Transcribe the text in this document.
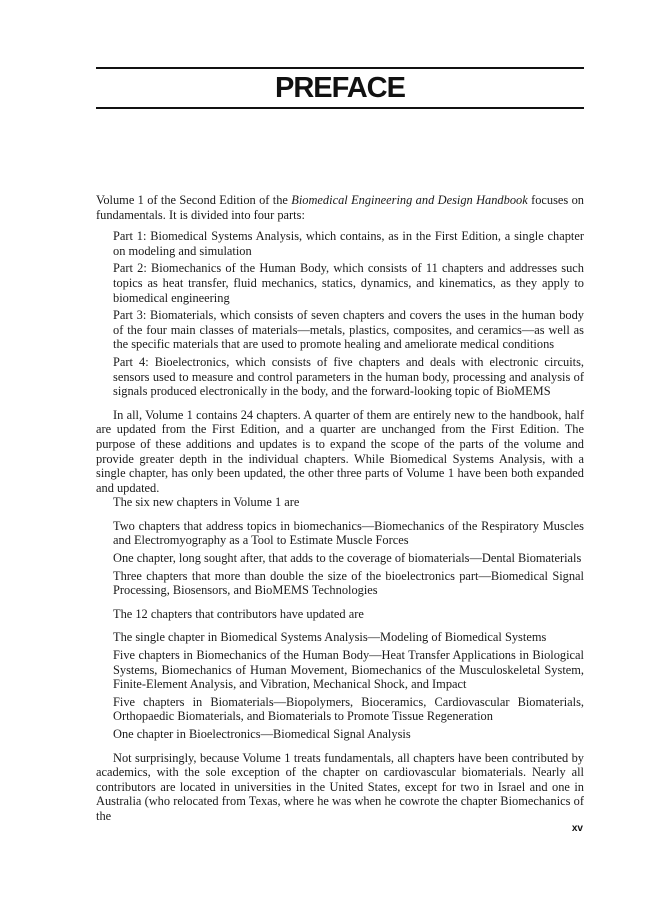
PREFACE

Volume 1 of the Second Edition of the Biomedical Engineering and Design Handbook focuses on fundamentals. It is divided into four parts:

Part 1: Biomedical Systems Analysis, which contains, as in the First Edition, a single chapter on modeling and simulation

Part 2: Biomechanics of the Human Body, which consists of 11 chapters and addresses such topics as heat transfer, fluid mechanics, statics, dynamics, and kinematics, as they apply to biomedical engineering

Part 3: Biomaterials, which consists of seven chapters and covers the uses in the human body of the four main classes of materials—metals, plastics, composites, and ceramics—as well as the specific materials that are used to promote healing and ameliorate medical conditions

Part 4: Bioelectronics, which consists of five chapters and deals with electronic circuits, sensors used to measure and control parameters in the human body, processing and analysis of signals produced electronically in the body, and the forward-looking topic of BioMEMS

In all, Volume 1 contains 24 chapters. A quarter of them are entirely new to the handbook, half are updated from the First Edition, and a quarter are unchanged from the First Edition. The purpose of these additions and updates is to expand the scope of the parts of the volume and provide greater depth in the individual chapters. While Biomedical Systems Analysis, with a single chapter, has only been updated, the other three parts of Volume 1 have been both expanded and updated.

The six new chapters in Volume 1 are

Two chapters that address topics in biomechanics—Biomechanics of the Respiratory Muscles and Electromyography as a Tool to Estimate Muscle Forces

One chapter, long sought after, that adds to the coverage of biomaterials—Dental Biomaterials

Three chapters that more than double the size of the bioelectronics part—Biomedical Signal Processing, Biosensors, and BioMEMS Technologies

The 12 chapters that contributors have updated are

The single chapter in Biomedical Systems Analysis—Modeling of Biomedical Systems

Five chapters in Biomechanics of the Human Body—Heat Transfer Applications in Biological Systems, Biomechanics of Human Movement, Biomechanics of the Musculoskeletal System, Finite-Element Analysis, and Vibration, Mechanical Shock, and Impact

Five chapters in Biomaterials—Biopolymers, Bioceramics, Cardiovascular Biomaterials, Orthopaedic Biomaterials, and Biomaterials to Promote Tissue Regeneration

One chapter in Bioelectronics—Biomedical Signal Analysis

Not surprisingly, because Volume 1 treats fundamentals, all chapters have been contributed by academics, with the sole exception of the chapter on cardiovascular biomaterials. Nearly all contributors are located in universities in the United States, except for two in Israel and one in Australia (who relocated from Texas, where he was when he cowrote the chapter Biomechanics of the

xv
